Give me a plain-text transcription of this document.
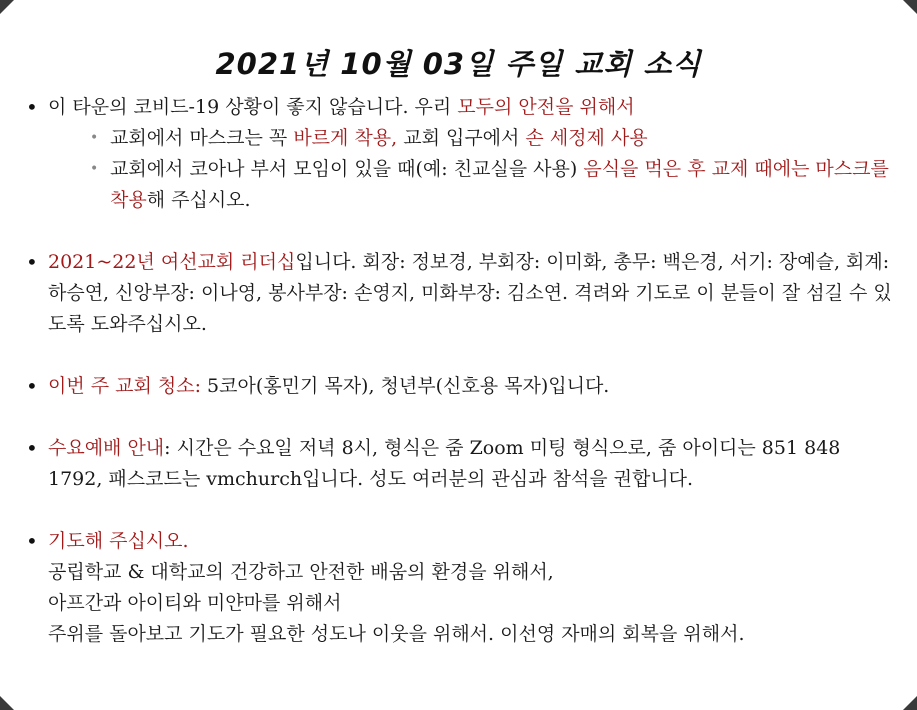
2021년 10월 03일 주일 교회 소식
• 이 타운의 코비드-19 상황이 좋지 않습니다. 우리 모두의 안전을 위해서
• 교회에서 마스크는 꼭 바르게 착용, 교회 입구에서 손 세정제 사용
• 교회에서 코아나 부서 모임이 있을 때(예: 친교실을 사용) 음식을 먹은 후 교제 때에는 마스크를 착용해 주십시오.
• 2021~22년 여선교회 리더십입니다. 회장: 정보경, 부회장: 이미화, 총무: 백은경, 서기: 장예슬, 회계: 하승연, 신앙부장: 이나영, 봉사부장: 손영지, 미화부장: 김소연. 격려와 기도로 이 분들이 잘 섬길 수 있도록 도와주십시오.
• 이번 주 교회 청소: 5코아(홍민기 목자), 청년부(신호용 목자)입니다.
• 수요예배 안내: 시간은 수요일 저녁 8시, 형식은 줌 Zoom 미팅 형식으로, 줌 아이디는 851 848 1792, 패스코드는 vmchurch입니다. 성도 여러분의 관심과 참석을 권합니다.
• 기도해 주십시오.
공립학교 & 대학교의 건강하고 안전한 배움의 환경을 위해서,
아프간과 아이티와 미얀마를 위해서
주위를 돌아보고 기도가 필요한 성도나 이웃을 위해서. 이선영 자매의 회복을 위해서.
